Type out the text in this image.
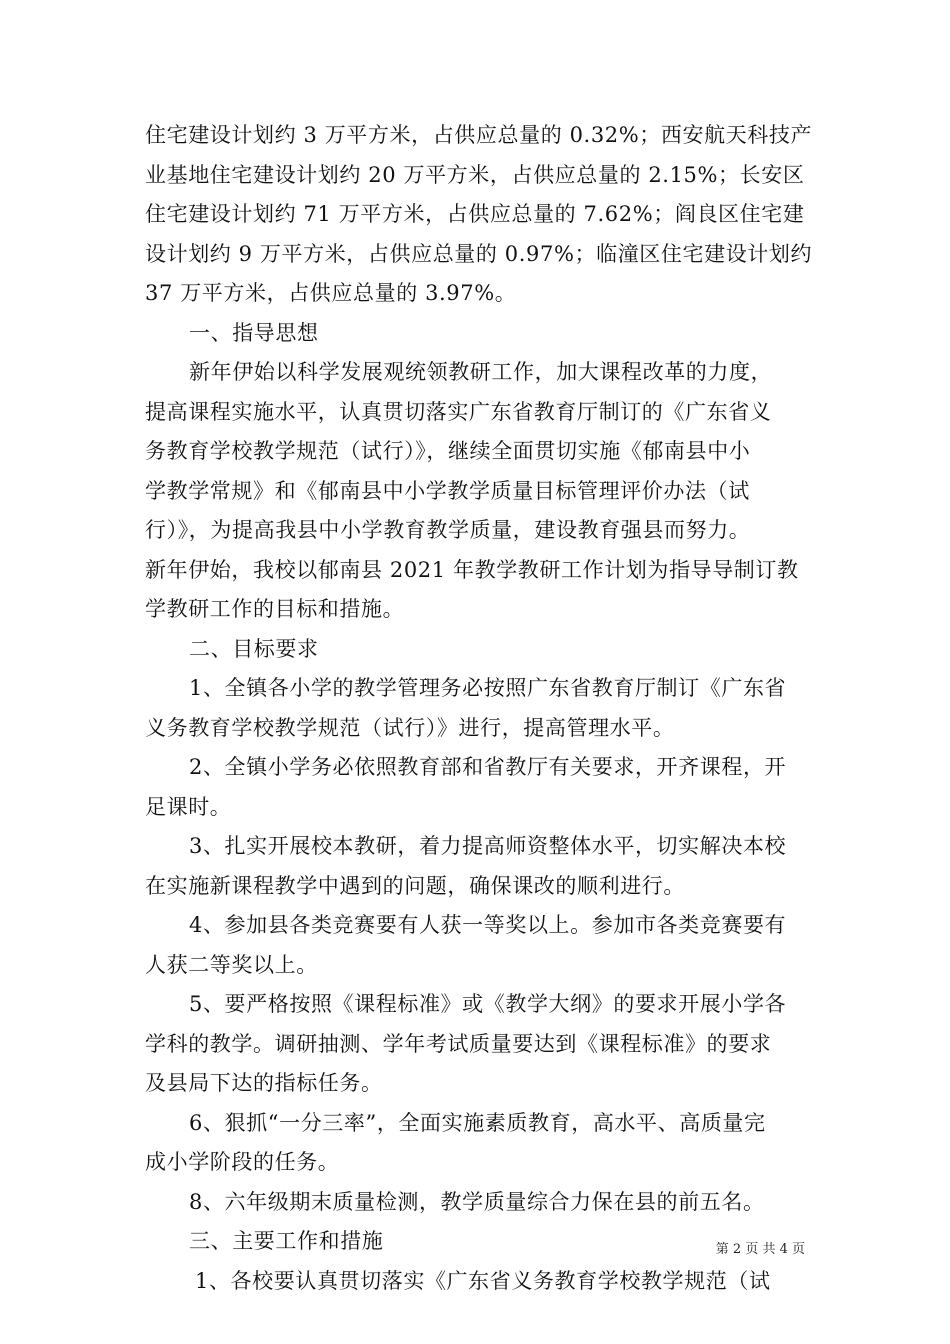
住宅建设计划约 3 万平方米，占供应总量的 0.32%；西安航天科技产
业基地住宅建设计划约 20 万平方米，占供应总量的 2.15%；长安区
住宅建设计划约 71 万平方米，占供应总量的 7.62%；阎良区住宅建
设计划约 9 万平方米，占供应总量的 0.97%；临潼区住宅建设计划约
37 万平方米，占供应总量的 3.97%。
一、指导思想
新年伊始以科学发展观统领教研工作，加大课程改革的力度，
提高课程实施水平，认真贯切落实广东省教育厅制订的《广东省义
务教育学校教学规范（试行）》，继续全面贯切实施《郁南县中小
学教学常规》和《郁南县中小学教学质量目标管理评价办法（试
行）》，为提高我县中小学教育教学质量，建设教育强县而努力。
新年伊始，我校以郁南县 2021 年教学教研工作计划为指导导制订教
学教研工作的目标和措施。
二、目标要求
1、全镇各小学的教学管理务必按照广东省教育厅制订《广东省
义务教育学校教学规范（试行）》进行，提高管理水平。
2、全镇小学务必依照教育部和省教厅有关要求，开齐课程，开
足课时。
3、扎实开展校本教研，着力提高师资整体水平，切实解决本校
在实施新课程教学中遇到的问题，确保课改的顺利进行。
4、参加县各类竞赛要有人获一等奖以上。参加市各类竞赛要有
人获二等奖以上。
5、要严格按照《课程标准》或《教学大纲》的要求开展小学各
学科的教学。调研抽测、学年考试质量要达到《课程标准》的要求
及县局下达的指标任务。
6、狠抓“一分三率”，全面实施素质教育，高水平、高质量完
成小学阶段的任务。
8、六年级期末质量检测，教学质量综合力保在县的前五名。
三、主要工作和措施
1、各校要认真贯切落实《广东省义务教育学校教学规范（试
第 2 页 共 4 页
